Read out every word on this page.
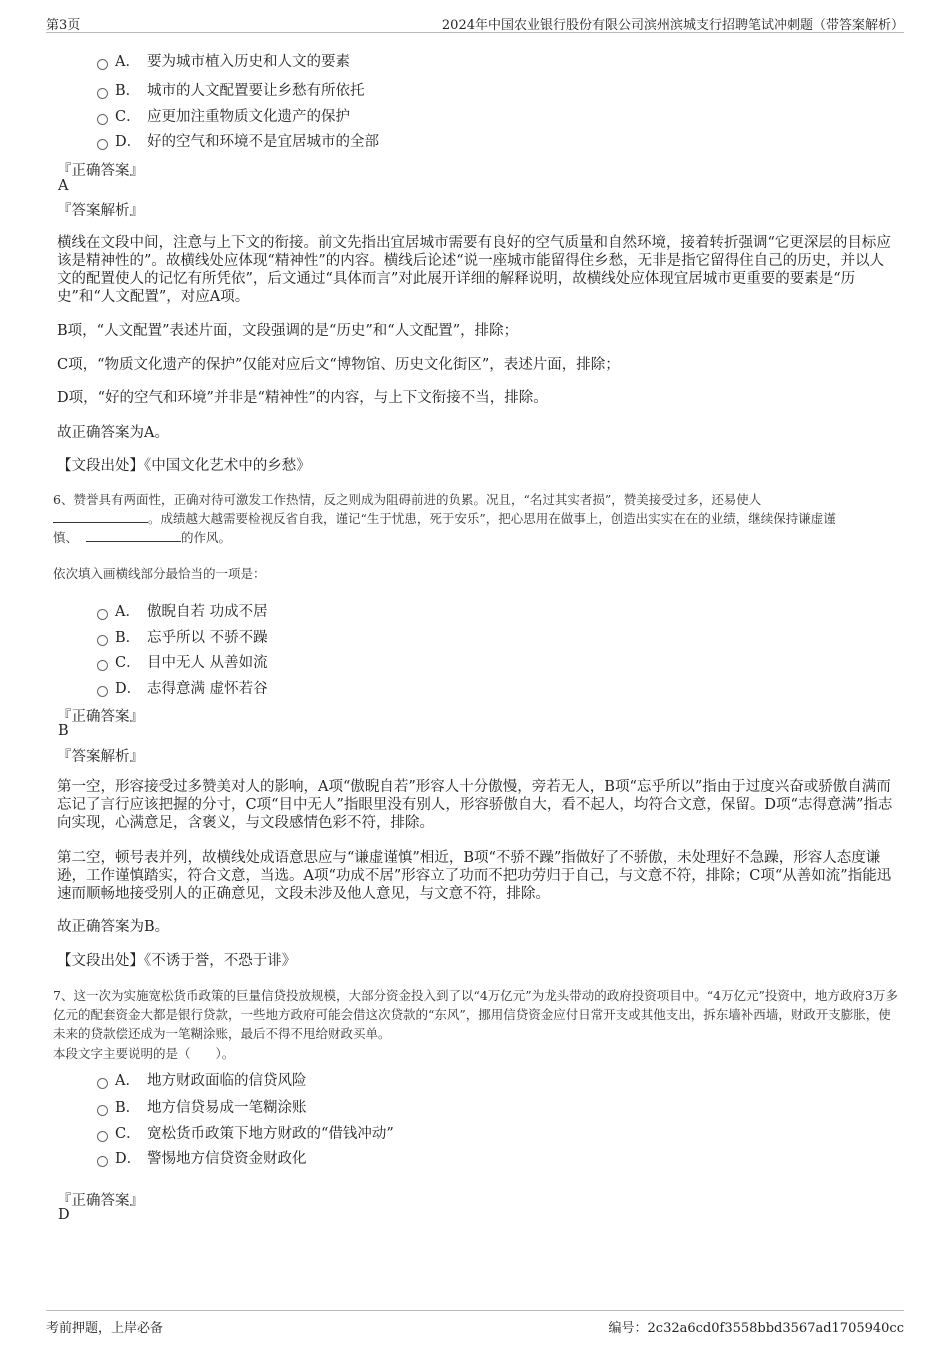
第3页	2024年中国农业银行股份有限公司滨州滨城支行招聘笔试冲刺题（带答案解析）
A． 要为城市植入历史和人文的要素
B． 城市的人文配置要让乡愁有所依托
C． 应更加注重物质文化遗产的保护
D． 好的空气和环境不是宜居城市的全部
『正确答案』
A
『答案解析』
横线在文段中间，注意与上下文的衔接。前文先指出宜居城市需要有良好的空气质量和自然环境，接着转折强调“它更深层的目标应该是精神性的”。故横线处应体现“精神性”的内容。横线后论述“说一座城市能留得住乡愁，无非是指它留得住自己的历史，并以人文的配置使人的记忆有所凭依”，后文通过“具体而言”对此展开详细的解释说明，故横线处应体现宜居城市更重要的要素是“历史”和“人文配置”，对应A项。
B项，“人文配置”表述片面，文段强调的是“历史”和“人文配置”，排除；
C项，“物质文化遗产的保护”仅能对应后文“博物馆、历史文化街区”，表述片面，排除；
D项，“好的空气和环境”并非是“精神性”的内容，与上下文衔接不当，排除。
故正确答案为A。
【文段出处】《中国文化艺术中的乡愁》
6、赞誉具有两面性，正确对待可激发工作热情，反之则成为阻碍前进的负累。况且，“名过其实者损”，赞美接受过多，还易使人
。成绩越大越需要检视反省自我，谨记“生于忧患，死于安乐”，把心思用在做事上，创造出实实在在的业绩，继续保持谦虚谨
慎、	的作风。
依次填入画横线部分最恰当的一项是：
A． 傲睨自若 功成不居
B． 忘乎所以 不骄不躁
C． 目中无人 从善如流
D． 志得意满 虚怀若谷
『正确答案』
B
『答案解析』
第一空，形容接受过多赞美对人的影响，A项“傲睨自若”形容人十分傲慢，旁若无人，B项“忘乎所以”指由于过度兴奋或骄傲自满而忘记了言行应该把握的分寸，C项“目中无人”指眼里没有别人，形容骄傲自大，看不起人，均符合文意，保留。D项“志得意满”指志向实现，心满意足，含褒义，与文段感情色彩不符，排除。
第二空，顿号表并列，故横线处成语意思应与“谦虚谨慎”相近，B项“不骄不躁”指做好了不骄傲，未处理好不急躁，形容人态度谦逊，工作谨慎踏实，符合文意，当选。A项“功成不居”形容立了功而不把功劳归于自己，与文意不符，排除；C项“从善如流”指能迅速而顺畅地接受别人的正确意见，文段未涉及他人意见，与文意不符，排除。
故正确答案为B。
【文段出处】《不诱于誉，不恐于诽》
7、这一次为实施宽松货币政策的巨量信贷投放规模，大部分资金投入到了以“4万亿元”为龙头带动的政府投资项目中。“4万亿元”投资中，地方政府3万多亿元的配套资金大都是银行贷款，一些地方政府可能会借这次贷款的“东风”，挪用信贷资金应付日常开支或其他支出，拆东墙补西墙，财政开支膨胀，使未来的贷款偿还成为一笔糊涂账，最后不得不甩给财政买单。
本段文字主要说明的是（　　）。
A． 地方财政面临的信贷风险
B． 地方信贷易成一笔糊涂账
C． 宽松货币政策下地方财政的“借钱冲动”
D． 警惕地方信贷资金财政化
『正确答案』
D
考前押题，上岸必备	编号：2c32a6cd0f3558bbd3567ad1705940cc
